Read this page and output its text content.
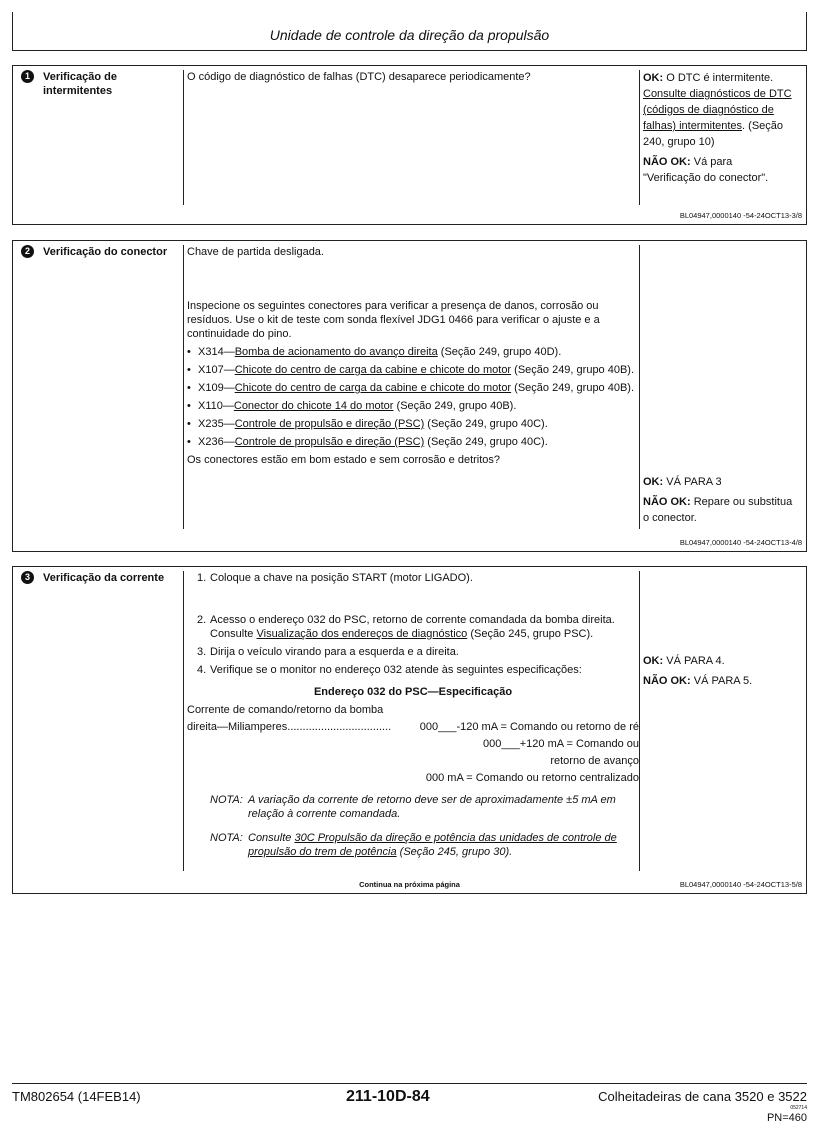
Unidade de controle da direção da propulsão
1 Verificação de intermitentes
O código de diagnóstico de falhas (DTC) desaparece periodicamente?	OK: O DTC é intermitente. Consulte diagnósticos de DTC (códigos de diagnóstico de falhas) intermitentes. (Seção 240, grupo 10)
NÃO OK: Vá para "Verificação do conector".
BL04947,0000140 -54-24OCT13-3/8
2 Verificação do conector	Chave de partida desligada.
Inspecione os seguintes conectores para verificar a presença de danos, corrosão ou resíduos. Use o kit de teste com sonda flexível JDG1 0466 para verificar o ajuste e a continuidade do pino.
• X314—Bomba de acionamento do avanço direita (Seção 249, grupo 40D).
• X107—Chicote do centro de carga da cabine e chicote do motor (Seção 249, grupo 40B).
• X109—Chicote do centro de carga da cabine e chicote do motor (Seção 249, grupo 40B).
• X110—Conector do chicote 14 do motor (Seção 249, grupo 40B).
• X235—Controle de propulsão e direção (PSC) (Seção 249, grupo 40C).
• X236—Controle de propulsão e direção (PSC) (Seção 249, grupo 40C).
Os conectores estão em bom estado e sem corrosão e detritos?
OK: VÁ PARA 3
NÃO OK: Repare ou substitua o conector.
BL04947,0000140 -54-24OCT13-4/8
3 Verificação da corrente	1. Coloque a chave na posição START (motor LIGADO).
2. Acesso o endereço 032 do PSC, retorno de corrente comandada da bomba direita. Consulte Visualização dos endereços de diagnóstico (Seção 245, grupo PSC).
3. Dirija o veículo virando para a esquerda e a direita.
4. Verifique se o monitor no endereço 032 atende às seguintes especificações:
Endereço 032 do PSC—Especificação
Corrente de comando/retorno da bomba
direita—Miliamperes..................................	000___-120 mA = Comando ou retorno de ré
000___+120 mA = Comando ou
retorno de avanço
000 mA = Comando ou retorno centralizado
NOTA: A variação da corrente de retorno deve ser de aproximadamente ±5 mA em relação à corrente comandada.
NOTA: Consulte 30C Propulsão da direção e potência das unidades de controle de propulsão do trem de potência (Seção 245, grupo 30).
OK: VÁ PARA 4.
NÃO OK: VÁ PARA 5.
Continua na próxima página	BL04947,0000140 -54-24OCT13-5/8
TM802654 (14FEB14)	211-10D-84	Colheitadeiras de cana 3520 e 3522
052714
PN=460
